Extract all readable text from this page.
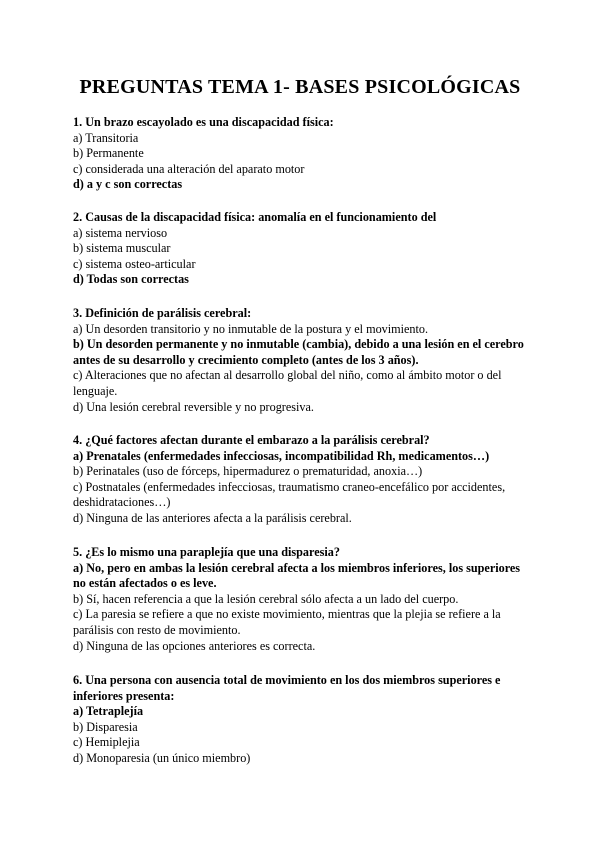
PREGUNTAS TEMA 1- BASES PSICOLÓGICAS
1. Un brazo escayolado es una discapacidad física:
a) Transitoria
b) Permanente
c) considerada una alteración del aparato motor
d) a y c son correctas
2. Causas de la discapacidad física: anomalía en el funcionamiento del
a) sistema nervioso
b) sistema muscular
c) sistema osteo-articular
d) Todas son correctas
3. Definición de parálisis cerebral:
a) Un desorden transitorio y no inmutable de la postura y el movimiento.
b) Un desorden permanente y no inmutable (cambia), debido a una lesión en el cerebro antes de su desarrollo y crecimiento completo (antes de los 3 años).
c) Alteraciones que no afectan al desarrollo global del niño, como al ámbito motor o del lenguaje.
d) Una lesión cerebral reversible y no progresiva.
4. ¿Qué factores afectan durante el embarazo a la parálisis cerebral?
a) Prenatales (enfermedades infecciosas, incompatibilidad Rh, medicamentos…)
b) Perinatales (uso de fórceps, hipermadurez o prematuridad, anoxia…)
c) Postnatales (enfermedades infecciosas, traumatismo craneo-encefálico por accidentes, deshidrataciones…)
d) Ninguna de las anteriores afecta a la parálisis cerebral.
5. ¿Es lo mismo una paraplejía que una disparesia?
a) No, pero en ambas la lesión cerebral afecta a los miembros inferiores, los superiores no están afectados o es leve.
b) Sí, hacen referencia a que la lesión cerebral sólo afecta a un lado del cuerpo.
c) La paresia se refiere a que no existe movimiento, mientras que la plejia se refiere a la parálisis con resto de movimiento.
d) Ninguna de las opciones anteriores es correcta.
6. Una persona con ausencia total de movimiento en los dos miembros superiores e inferiores presenta:
a) Tetraplejía
b) Disparesia
c) Hemiplejia
d) Monoparesia (un único miembro)
